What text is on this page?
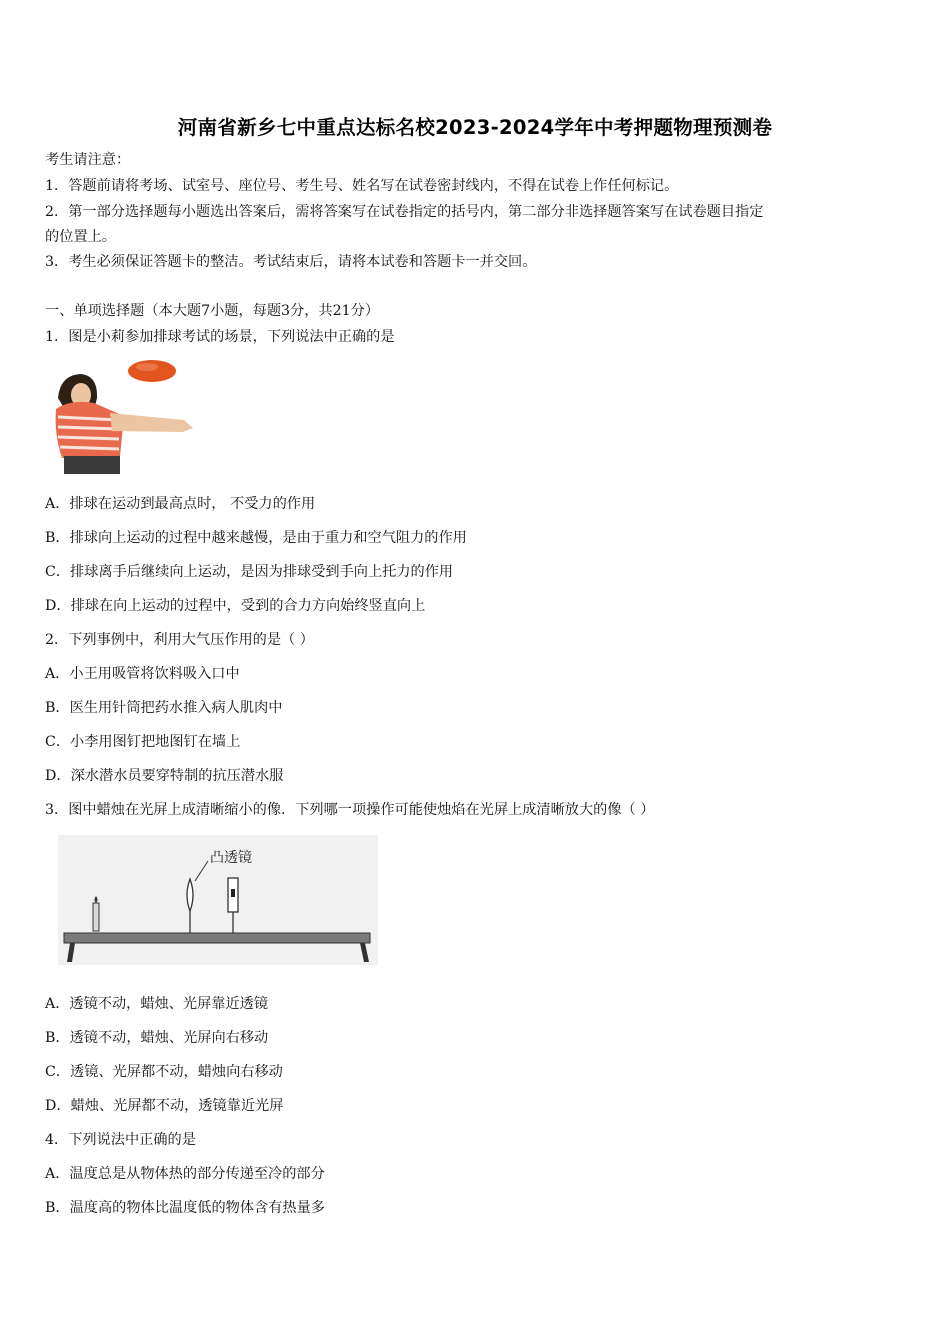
河南省新乡七中重点达标名校2023-2024学年中考押题物理预测卷
考生请注意：
1．答题前请将考场、试室号、座位号、考生号、姓名写在试卷密封线内，不得在试卷上作任何标记。
2．第一部分选择题每小题选出答案后，需将答案写在试卷指定的括号内，第二部分非选择题答案写在试卷题目指定
的位置上。
3．考生必须保证答题卡的整洁。考试结束后，请将本试卷和答题卡一并交回。
一、单项选择题（本大题7小题，每题3分，共21分）
1．图是小莉参加排球考试的场景，下列说法中正确的是
A．排球在运动到最高点时， 不受力的作用
B．排球向上运动的过程中越来越慢，是由于重力和空气阻力的作用
C．排球离手后继续向上运动，是因为排球受到手向上托力的作用
D．排球在向上运动的过程中，受到的合力方向始终竖直向上
2．下列事例中，利用大气压作用的是（ ）
A．小王用吸管将饮料吸入口中
B．医生用针筒把药水推入病人肌肉中
C．小李用图钉把地图钉在墙上
D．深水潜水员要穿特制的抗压潜水服
3．图中蜡烛在光屏上成清晰缩小的像．下列哪一项操作可能使烛焰在光屏上成清晰放大的像（ ）
凸透镜
A．透镜不动，蜡烛、光屏靠近透镜
B．透镜不动，蜡烛、光屏向右移动
C．透镜、光屏都不动，蜡烛向右移动
D．蜡烛、光屏都不动，透镜靠近光屏
4．下列说法中正确的是
A．温度总是从物体热的部分传递至冷的部分
B．温度高的物体比温度低的物体含有热量多
